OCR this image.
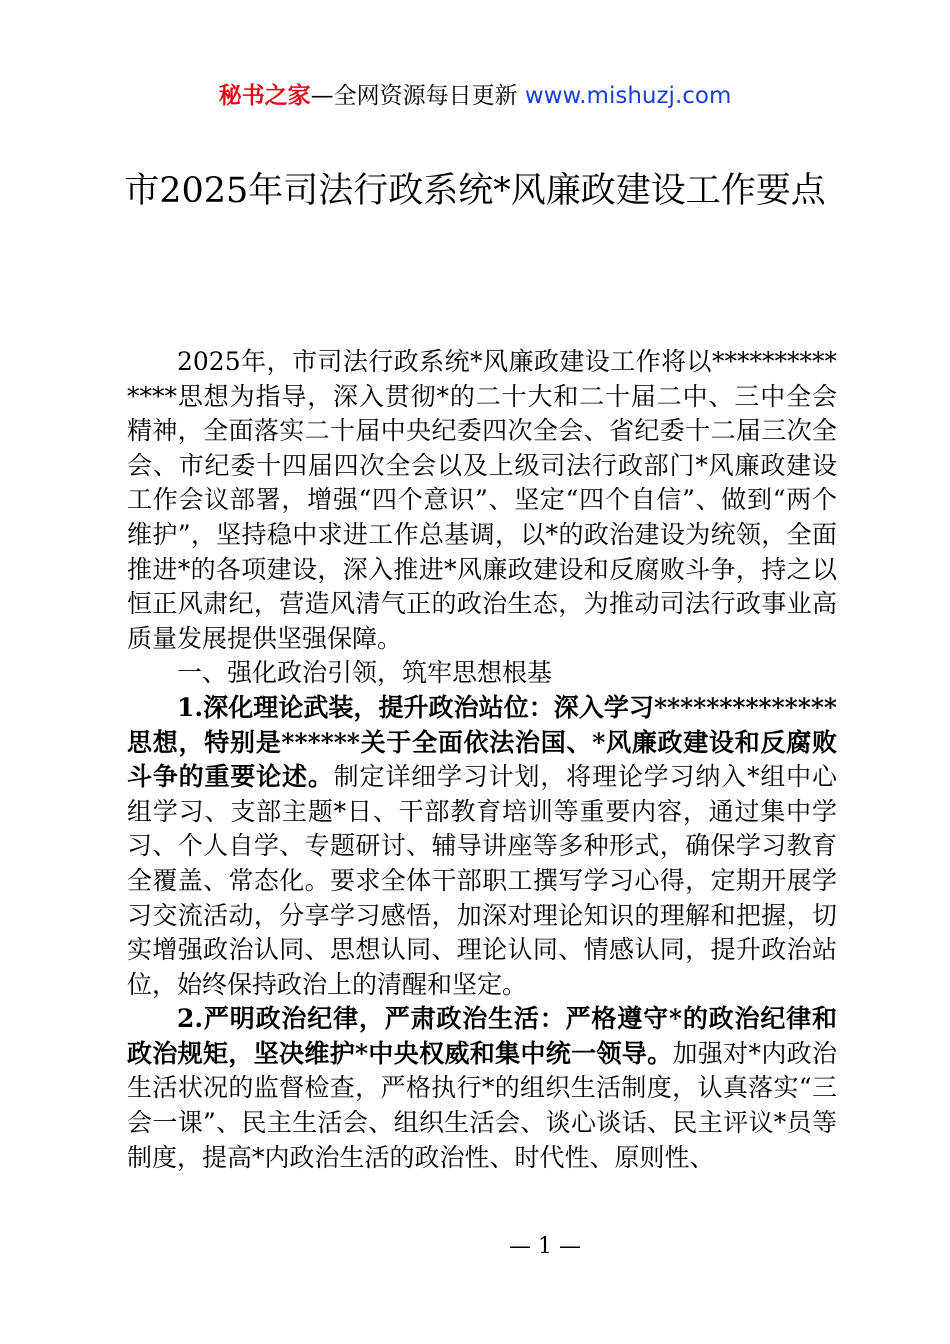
秘书之家—全网资源每日更新 www.mishuzj.com
市2025年司法行政系统*风廉政建设工作要点

2025年，市司法行政系统*风廉政建设工作将以**************思想为指导，深入贯彻*的二十大和二十届二中、三中全会精神，全面落实二十届中央纪委四次全会、省纪委十二届三次全会、市纪委十四届四次全会以及上级司法行政部门*风廉政建设工作会议部署，增强“四个意识”、坚定“四个自信”、做到“两个维护”，坚持稳中求进工作总基调，以*的政治建设为统领，全面推进*的各项建设，深入推进*风廉政建设和反腐败斗争，持之以恒正风肃纪，营造风清气正的政治生态，为推动司法行政事业高质量发展提供坚强保障。

一、强化政治引领，筑牢思想根基

1.深化理论武装，提升政治站位：深入学习**************思想，特别是******关于全面依法治国、*风廉政建设和反腐败斗争的重要论述。制定详细学习计划，将理论学习纳入*组中心组学习、支部主题*日、干部教育培训等重要内容，通过集中学习、个人自学、专题研讨、辅导讲座等多种形式，确保学习教育全覆盖、常态化。要求全体干部职工撰写学习心得，定期开展学习交流活动，分享学习感悟，加深对理论知识的理解和把握，切实增强政治认同、思想认同、理论认同、情感认同，提升政治站位，始终保持政治上的清醒和坚定。

2.严明政治纪律，严肃政治生活：严格遵守*的政治纪律和政治规矩，坚决维护*中央权威和集中统一领导。加强对*内政治生活状况的监督检查，严格执行*的组织生活制度，认真落实“三会一课”、民主生活会、组织生活会、谈心谈话、民主评议*员等制度，提高*内政治生活的政治性、时代性、原则性、

— 1 —
